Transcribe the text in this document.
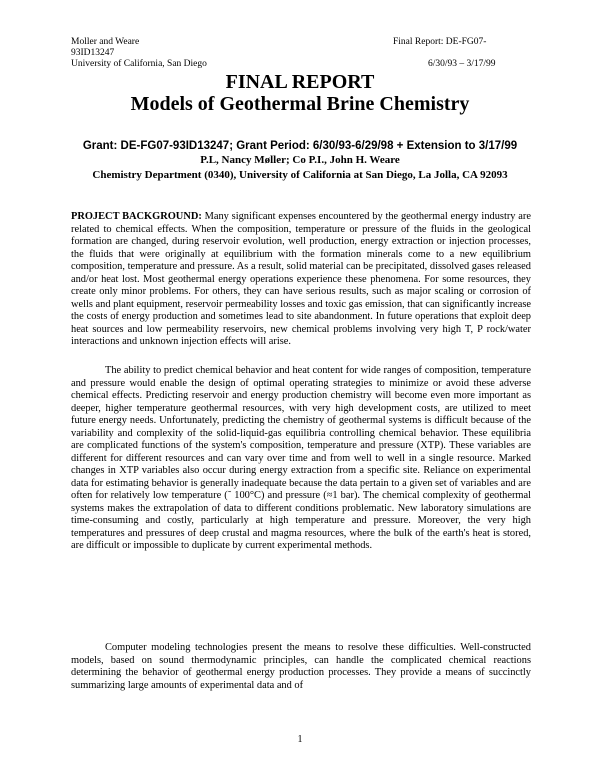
Moller and Weare
93ID13247
University of California, San Diego
Final Report: DE-FG07-
6/30/93 – 3/17/99
FINAL REPORT
Models of Geothermal Brine Chemistry
Grant: DE-FG07-93ID13247; Grant Period: 6/30/93-6/29/98 + Extension to 3/17/99
P.L, Nancy Møller; Co P.I., John H. Weare
Chemistry Department (0340), University of California at San Diego, La Jolla, CA 92093

PROJECT BACKGROUND: Many significant expenses encountered by the geothermal energy industry are related to chemical effects. When the composition, temperature or pressure of the fluids in the geological formation are changed, during reservoir evolution, well production, energy extraction or injection processes, the fluids that were originally at equilibrium with the formation minerals come to a new equilibrium composition, temperature and pressure. As a result, solid material can be precipitated, dissolved gases released and/or heat lost. Most geothermal energy operations experience these phenomena. For some resources, they create only minor problems. For others, they can have serious results, such as major scaling or corrosion of wells and plant equipment, reservoir permeability losses and toxic gas emission, that can significantly increase the costs of energy production and sometimes lead to site abandonment. In future operations that exploit deep heat sources and low permeability reservoirs, new chemical problems involving very high T, P rock/water interactions and unknown injection effects will arise.

The ability to predict chemical behavior and heat content for wide ranges of composition, temperature and pressure would enable the design of optimal operating strategies to minimize or avoid these adverse chemical effects. Predicting reservoir and energy production chemistry will become even more important as deeper, higher temperature geothermal resources, with very high development costs, are utilized to meet future energy needs. Unfortunately, predicting the chemistry of geothermal systems is difficult because of the variability and complexity of the solid-liquid-gas equilibria controlling chemical behavior. These equilibria are complicated functions of the system's composition, temperature and pressure (XTP). These variables are different for different resources and can vary over time and from well to well in a single resource. Marked changes in XTP variables also occur during energy extraction from a specific site. Reliance on experimental data for estimating behavior is generally inadequate because the data pertain to a given set of variables and are often for relatively low temperature (˜ 100°C) and pressure (≈1 bar). The chemical complexity of geothermal systems makes the extrapolation of data to different conditions problematic. New laboratory simulations are time-consuming and costly, particularly at high temperature and pressure. Moreover, the very high temperatures and pressures of deep crustal and magma resources, where the bulk of the earth's heat is stored, are difficult or impossible to duplicate by current experimental methods.

Computer modeling technologies present the means to resolve these difficulties. Well-constructed models, based on sound thermodynamic principles, can handle the complicated chemical reactions determining the behavior of geothermal energy production processes. They provide a means of succinctly summarizing large amounts of experimental data and of

1
